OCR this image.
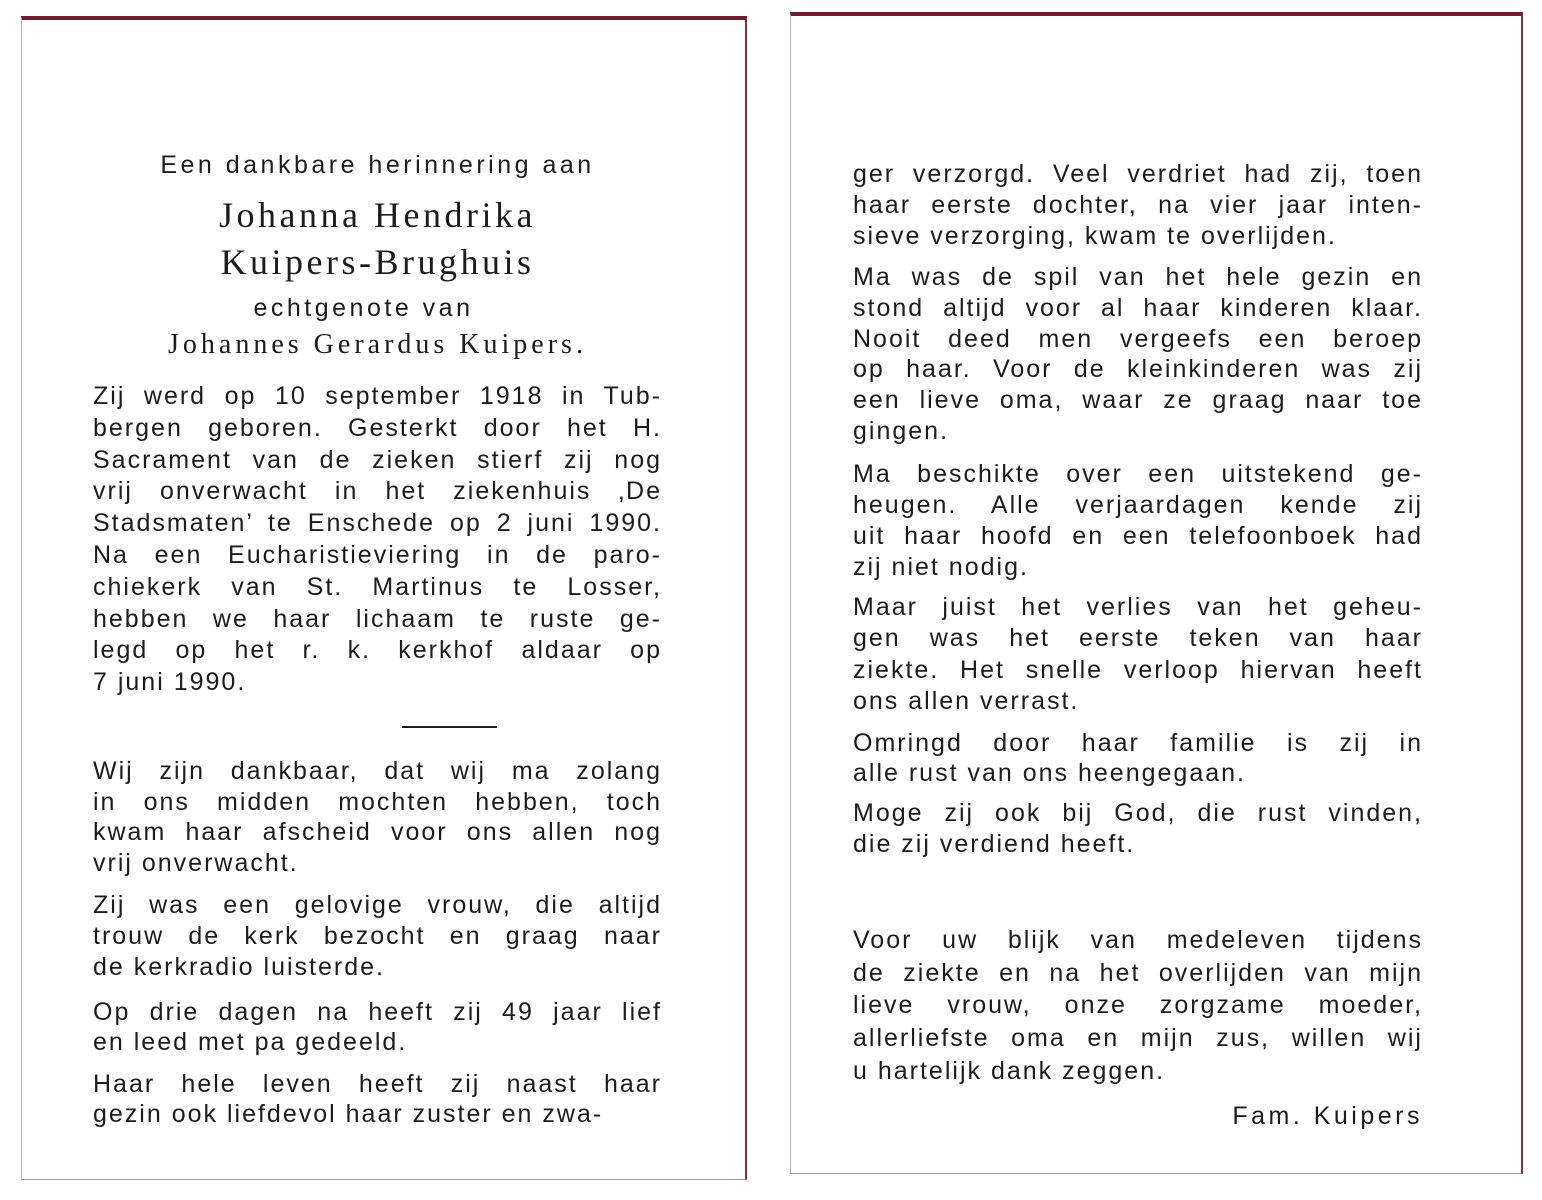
Een dankbare herinnering aan
Johanna Hendrika
Kuipers-Brughuis
echtgenote van
Johannes Gerardus Kuipers.
Zij werd op 10 september 1918 in Tub-
bergen geboren. Gesterkt door het H.
Sacrament van de zieken stierf zij nog
vrij onverwacht in het ziekenhuis ‚De
Stadsmaten’ te Enschede op 2 juni 1990.
Na een Eucharistieviering in de paro-
chiekerk van St. Martinus te Losser,
hebben we haar lichaam te ruste ge-
legd op het r. k. kerkhof aldaar op
7 juni 1990.
Wij zijn dankbaar, dat wij ma zolang
in ons midden mochten hebben, toch
kwam haar afscheid voor ons allen nog
vrij onverwacht.
Zij was een gelovige vrouw, die altijd
trouw de kerk bezocht en graag naar
de kerkradio luisterde.
Op drie dagen na heeft zij 49 jaar lief
en leed met pa gedeeld.
Haar hele leven heeft zij naast haar
gezin ook liefdevol haar zuster en zwa-	Fam. Kuipers
ger verzorgd. Veel verdriet had zij, toen
haar eerste dochter, na vier jaar inten-
sieve verzorging, kwam te overlijden.
Ma was de spil van het hele gezin en
stond altijd voor al haar kinderen klaar.
Nooit deed men vergeefs een beroep
op haar. Voor de kleinkinderen was zij
een lieve oma, waar ze graag naar toe
gingen.
Ma beschikte over een uitstekend ge-
heugen. Alle verjaardagen kende zij
uit haar hoofd en een telefoonboek had
zij niet nodig.
Maar juist het verlies van het geheu-
gen was het eerste teken van haar
ziekte. Het snelle verloop hiervan heeft
ons allen verrast.
Omringd door haar familie is zij in
alle rust van ons heengegaan.
Moge zij ook bij God, die rust vinden,
die zij verdiend heeft.
Voor uw blijk van medeleven tijdens
de ziekte en na het overlijden van mijn
lieve vrouw, onze zorgzame moeder,
allerliefste oma en mijn zus, willen wij
u hartelijk dank zeggen.
